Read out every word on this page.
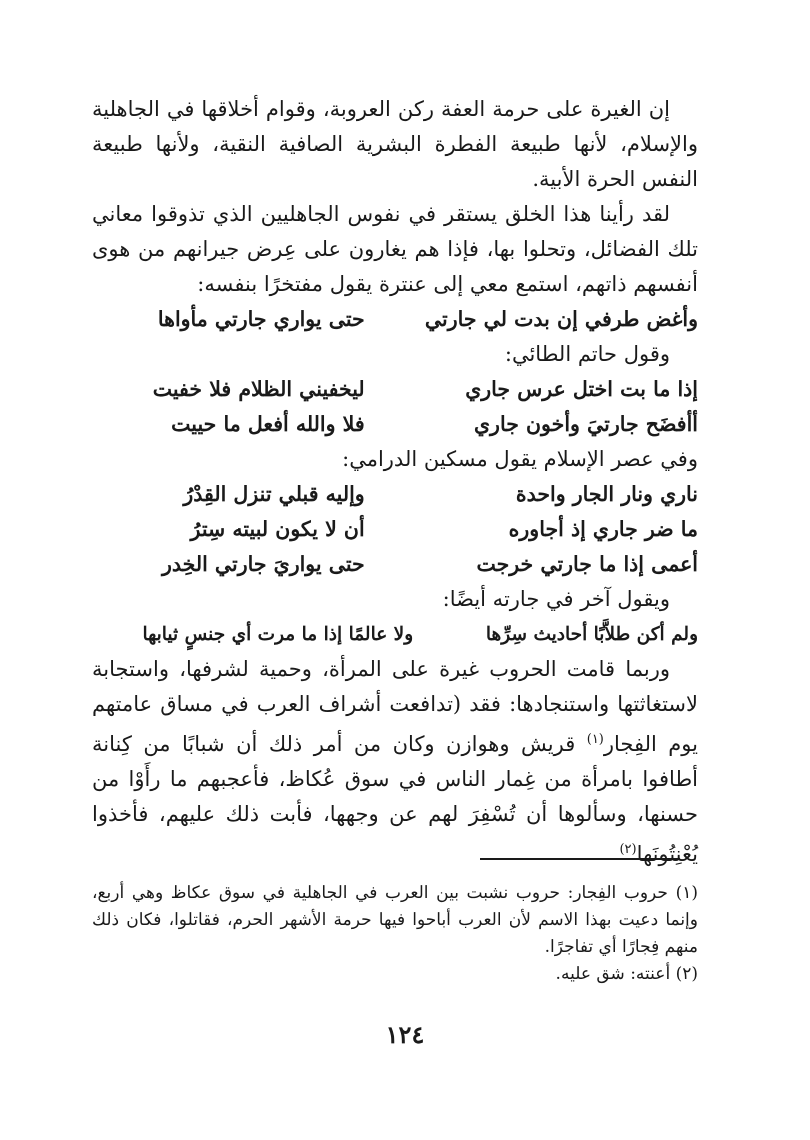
إن الغيرة على حرمة العفة ركن العروبة، وقوام أخلاقها في الجاهلية والإسلام، لأنها طبيعة الفطرة البشرية الصافية النقية، ولأنها طبيعة النفس الحرة الأبية.

لقد رأينا هذا الخلق يستقر في نفوس الجاهليين الذي تذوقوا معاني تلك الفضائل، وتحلوا بها، فإذا هم يغارون على عِرض جيرانهم من هوى أنفسهم ذاتهم، استمع معي إلى عنترة يقول مفتخرًا بنفسه:

وأغض طرفي إن بدت لي جارتي
حتى يواري جارتي مأواها

وقول حاتم الطائي:

إذا ما بت اختل عرس جاري
ليخفيني الظلام فلا خفيت
أأفضَح جارتيَ وأخون جاري
فلا والله أفعل ما حييت

وفي عصر الإسلام يقول مسكين الدرامي:

ناري ونار الجار واحدة
وإليه قبلي تنزل القِدْرُ
ما ضر جاري إذ أجاوره
أن لا يكون لبيته سِترُ
أعمى إذا ما جارتي خرجت
حتى يواريَ جارتي الخِدر

ويقول آخر في جارته أيضًا:

ولم أكن طلاَّبًا أحاديث سِرِّها
ولا عالمًا إذا ما مرت أي جنسٍ ثيابها

وربما قامت الحروب غيرة على المرأة، وحمية لشرفها، واستجابة لاستغاثتها واستنجادها: فقد (تدافعت أشراف العرب في مساق عامتهم يوم الفِجار$^{(١)}$ قريش وهوازن وكان من أمر ذلك أن شبابًا من كِنانة أطافوا بامرأة من غِمار الناس في سوق عُكاظ، فأعجبهم ما رأَوْا من حسنها، وسألوها أن تُسْفِرَ لهم عن وجهها، فأبت ذلك عليهم، فأخذوا يُعْنِتُونَها$^{(٢)}$

(١) حروب الفِجار: حروب نشبت بين العرب في الجاهلية في سوق عكاظ وهي أربع، وإنما دعيت بهذا الاسم لأن العرب أباحوا فيها حرمة الأشهر الحرم، فقاتلوا، فكان ذلك منهم فِجارًا أي تفاجرًا.

(٢) أعنته: شق عليه.

١٢٤
